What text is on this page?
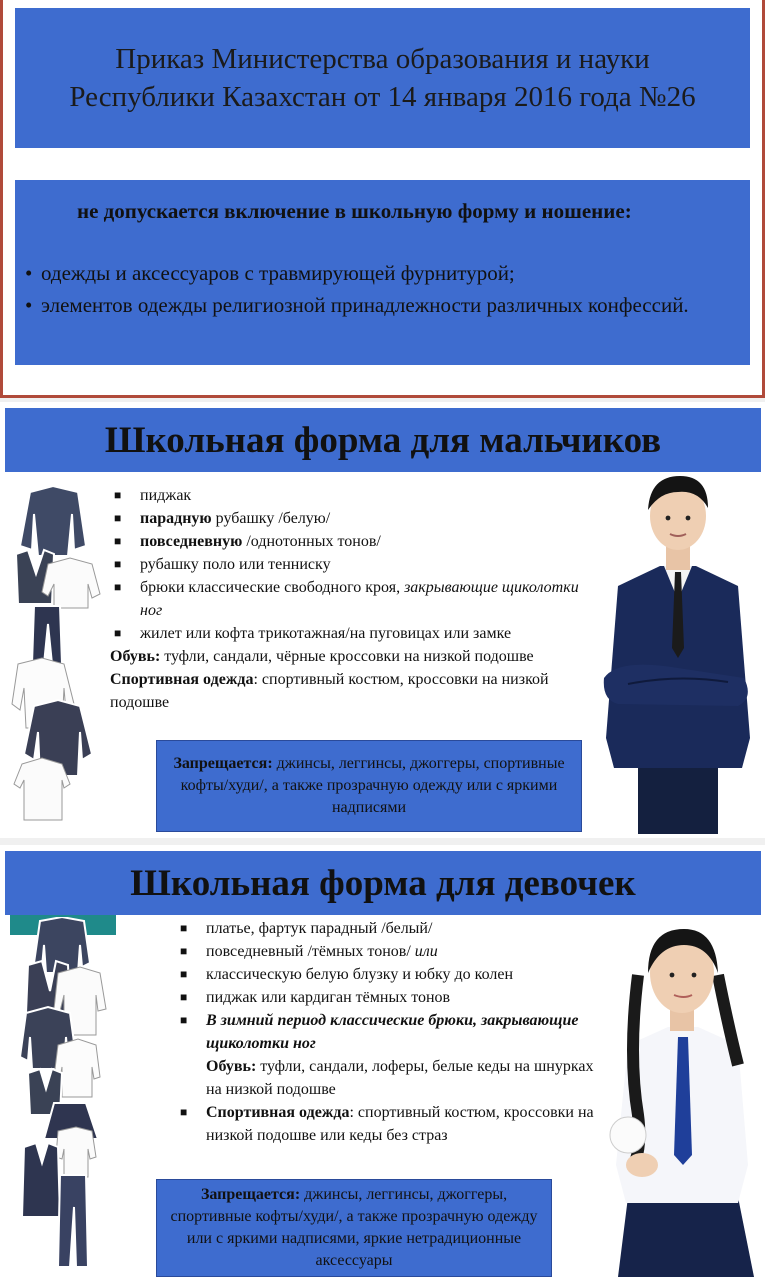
Приказ Министерства образования и науки Республики Казахстан от 14 января 2016 года №26
не допускается включение в школьную форму и ношение:
• одежды и аксессуаров с травмирующей фурнитурой;
• элементов одежды религиозной принадлежности различных конфессий.
Школьная форма для мальчиков
■ пиджак
■ парадную рубашку /белую/
■ повседневную /однотонных тонов/
■ рубашку поло или тенниску
■ брюки классические свободного кроя, закрывающие щиколотки ног
■ жилет или кофта трикотажная/на пуговицах или замке
Обувь: туфли, сандали, чёрные кроссовки на низкой подошве
Спортивная одежда: спортивный костюм, кроссовки на низкой подошве
Запрещается: джинсы, леггинсы, джоггеры, спортивные кофты/худи/, а также прозрачную одежду или с яркими надписями
Школьная форма для девочек
■ платье, фартук парадный /белый/
■ повседневный /тёмных тонов/ или
■ классическую белую блузку и юбку до колен
■ пиджак или кардиган тёмных тонов
■ В зимний период классические брюки, закрывающие щиколотки ног
Обувь: туфли, сандали, лоферы, белые кеды на шнурках на низкой подошве
■ Спортивная одежда: спортивный костюм, кроссовки на низкой подошве или кеды без страз
Запрещается: джинсы, леггинсы, джоггеры, спортивные кофты/худи/, а также прозрачную одежду или с яркими надписями, яркие нетрадиционные аксессуары
